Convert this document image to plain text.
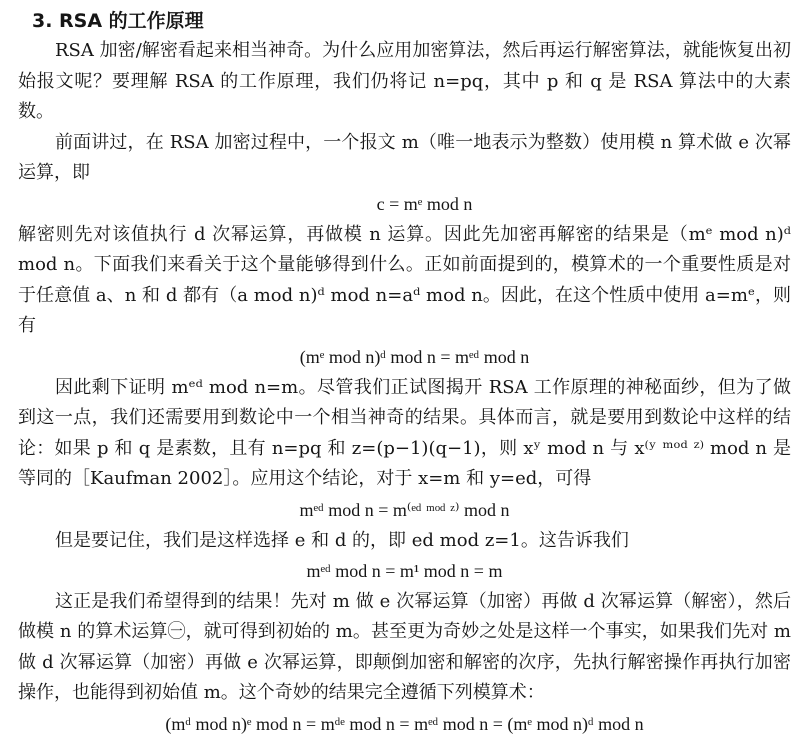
3. RSA 的工作原理

RSA 加密/解密看起来相当神奇。为什么应用加密算法，然后再运行解密算法，就能恢复出初始报文呢？要理解 RSA 的工作原理，我们仍将记 n=pq，其中 p 和 q 是 RSA 算法中的大素数。

前面讲过，在 RSA 加密过程中，一个报文 m（唯一地表示为整数）使用模 n 算术做 e 次幂运算，即

c = mᵉ mod n

解密则先对该值执行 d 次幂运算，再做模 n 运算。因此先加密再解密的结果是（mᵉ mod n)ᵈ mod n。下面我们来看关于这个量能够得到什么。正如前面提到的，模算术的一个重要性质是对于任意值 a、n 和 d 都有（a mod n)ᵈ mod n=aᵈ mod n。因此，在这个性质中使用 a=mᵉ，则有

(mᵉ mod n)ᵈ mod n = mᵉᵈ mod n

因此剩下证明 mᵉᵈ mod n=m。尽管我们正试图揭开 RSA 工作原理的神秘面纱，但为了做到这一点，我们还需要用到数论中一个相当神奇的结果。具体而言，就是要用到数论中这样的结论：如果 p 和 q 是素数，且有 n=pq 和 z=(p−1)(q−1)，则 xʸ mod n 与 x⁽ʸ ᵐᵒᵈ ᶻ⁾ mod n 是等同的［Kaufman 2002］。应用这个结论，对于 x=m 和 y=ed，可得

mᵉᵈ mod n = m⁽ᵉᵈ ᵐᵒᵈ ᶻ⁾ mod n

但是要记住，我们是这样选择 e 和 d 的，即 ed mod z=1。这告诉我们

mᵉᵈ mod n = m¹ mod n = m

这正是我们希望得到的结果！先对 m 做 e 次幂运算（加密）再做 d 次幂运算（解密），然后做模 n 的算术运算㊀，就可得到初始的 m。甚至更为奇妙之处是这样一个事实，如果我们先对 m 做 d 次幂运算（加密）再做 e 次幂运算，即颠倒加密和解密的次序，先执行解密操作再执行加密操作，也能得到初始值 m。这个奇妙的结果完全遵循下列模算术：

(mᵈ mod n)ᵉ mod n = mᵈᵉ mod n = mᵉᵈ mod n = (mᵉ mod n)ᵈ mod n
